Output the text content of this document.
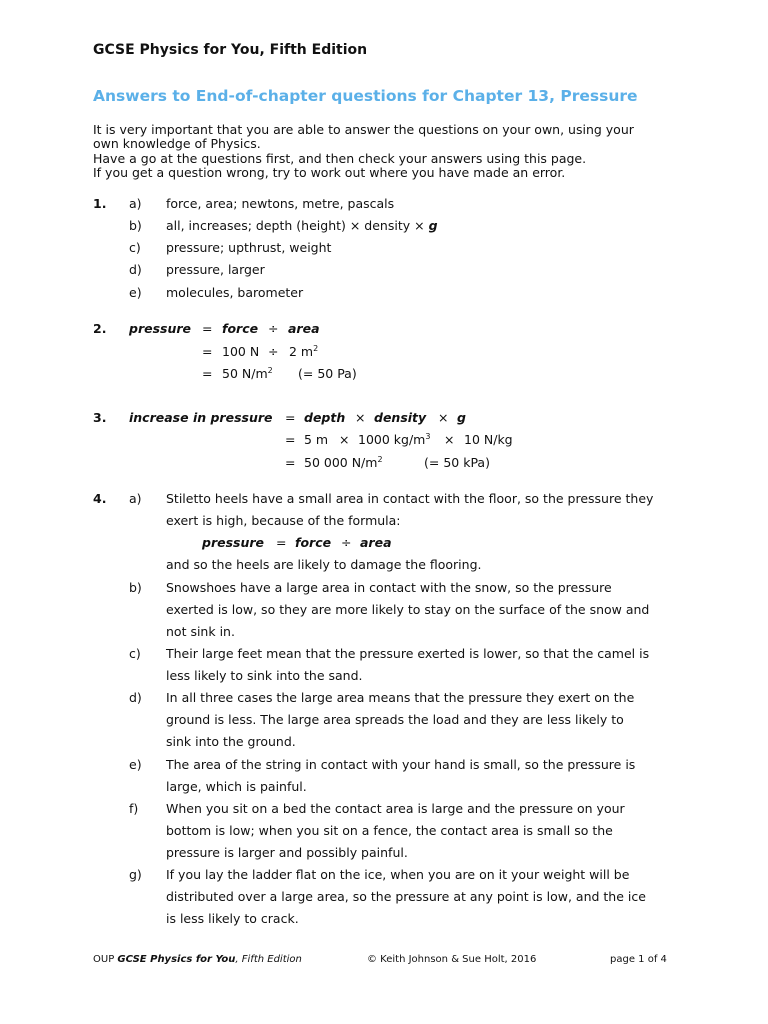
GCSE Physics for You, Fifth Edition
Answers to End-of-chapter questions for Chapter 13, Pressure
It is very important that you are able to answer the questions on your own, using your
own knowledge of Physics.
Have a go at the questions first, and then check your answers using this page.
If you get a question wrong, try to work out where you have made an error.
1. a) force, area; newtons, metre, pascals
b) all, increases; depth (height) × density × g
c) pressure; upthrust, weight
d) pressure, larger
e) molecules, barometer
2. pressure = force ÷ area
= 100 N ÷ 2 $m^2$
= 50 $N/m^2$ (= 50 Pa)
3. increase in pressure = depth × density × g
= 5 m × 1000 $kg/m^3 \times 10$ N/kg
= 50 000 $N/m^2$	(= 50 kPa)
4. a) Stiletto heels have a small area in contact with the floor, so the pressure they
exert is high, because of the formula:
pressure = force ÷ area
and so the heels are likely to damage the flooring.
b) Snowshoes have a large area in contact with the snow, so the pressure
exerted is low, so they are more likely to stay on the surface of the snow and
not sink in.
c) Their large feet mean that the pressure exerted is lower, so that the camel is
less likely to sink into the sand.
d) In all three cases the large area means that the pressure they exert on the
ground is less. The large area spreads the load and they are less likely to
sink into the ground.
e) The area of the string in contact with your hand is small, so the pressure is
large, which is painful.
f) When you sit on a bed the contact area is large and the pressure on your
bottom is low; when you sit on a fence, the contact area is small so the
pressure is larger and possibly painful.
g) If you lay the ladder flat on the ice, when you are on it your weight will be
distributed over a large area, so the pressure at any point is low, and the ice
is less likely to crack.
OUP GCSE Physics for You, Fifth Edition	© Keith Johnson & Sue Holt, 2016	page 1 of 4
